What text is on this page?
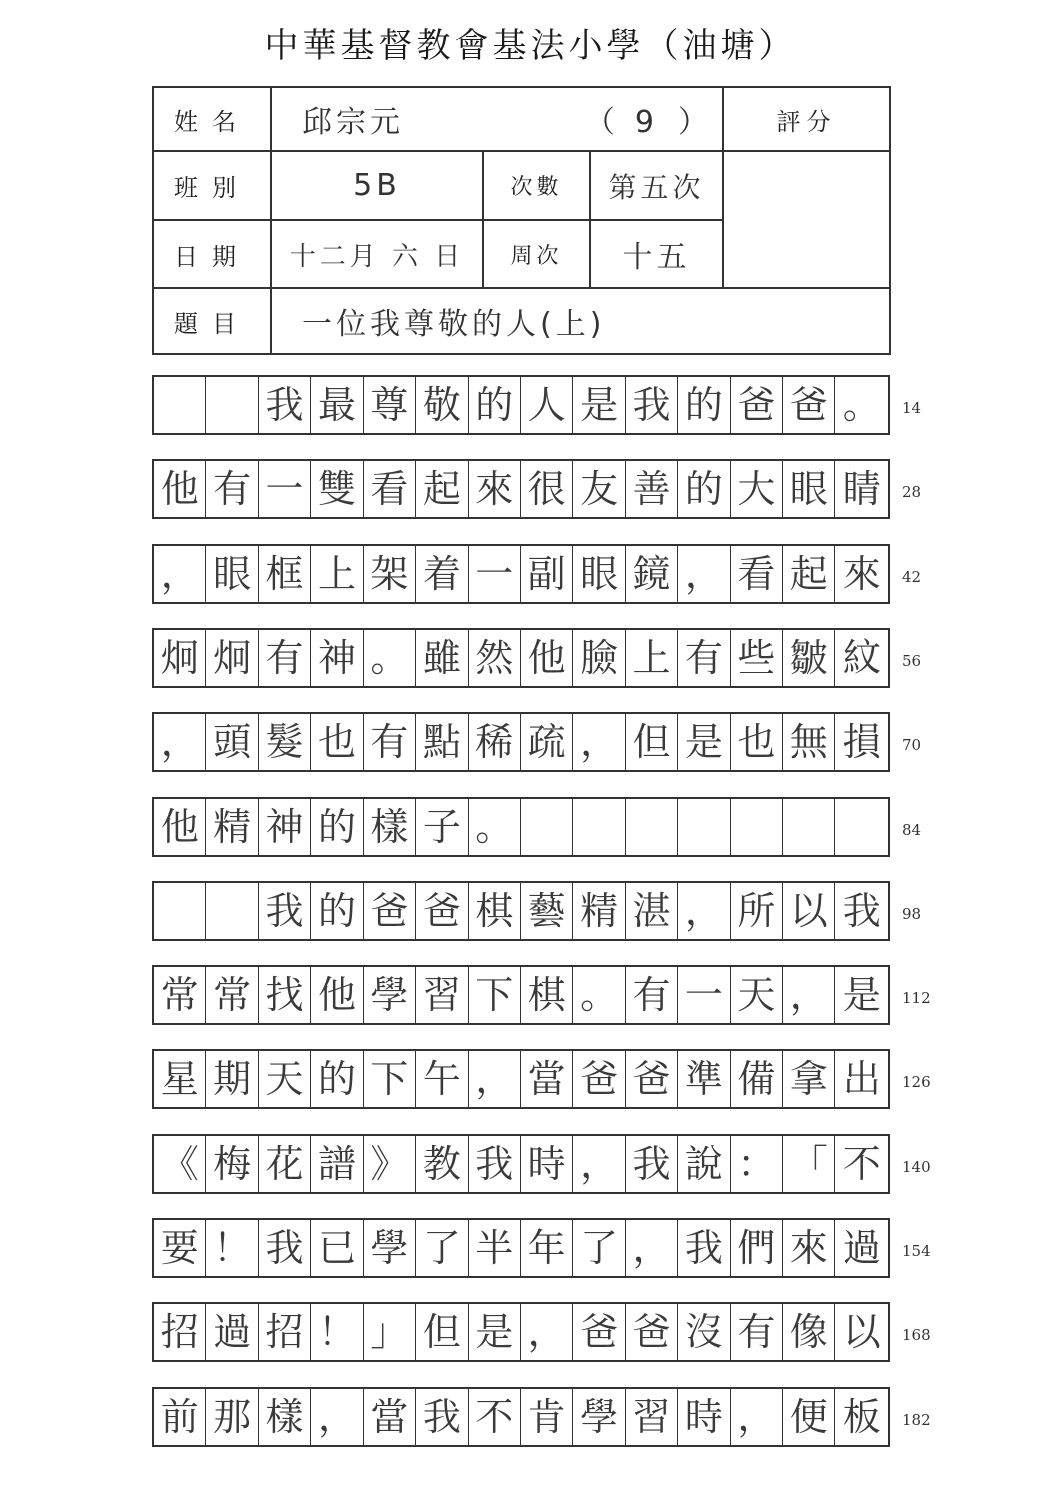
中華基督教會基法小學（油塘）
姓名	邱宗元 （ 9 ）			評分
班別	5B	次數	第五次	
日期	十二月 六 日	周次	十五	
題目	一位我尊敬的人(上)			
我 最 尊 敬 的 人 是 我 的 爸 爸 。	14
他 有 一 雙 看 起 來 很 友 善 的 大 眼 睛	28
， 眼 框 上 架 着 一 副 眼 鏡 ， 看 起 來	42
炯 炯 有 神 。 雖 然 他 臉 上 有 些 皺 紋	56
， 頭 髮 也 有 點 稀 疏 ， 但 是 也 無 損	70
他 精 神 的 樣 子 。	84
我 的 爸 爸 棋 藝 精 湛 ， 所 以 我	98
常 常 找 他 學 習 下 棋 。 有 一 天 ， 是	112
星 期 天 的 下 午 ， 當 爸 爸 準 備 拿 出	126
《 梅 花 譜 》 教 我 時 ， 我 說 ： 「 不	140
要 ！ 我 已 學 了 半 年 了 ， 我 們 來 過	154
招 過 招 ！ 」 但 是 ， 爸 爸 沒 有 像 以	168
前 那 樣 ， 當 我 不 肯 學 習 時 ， 便 板	182
